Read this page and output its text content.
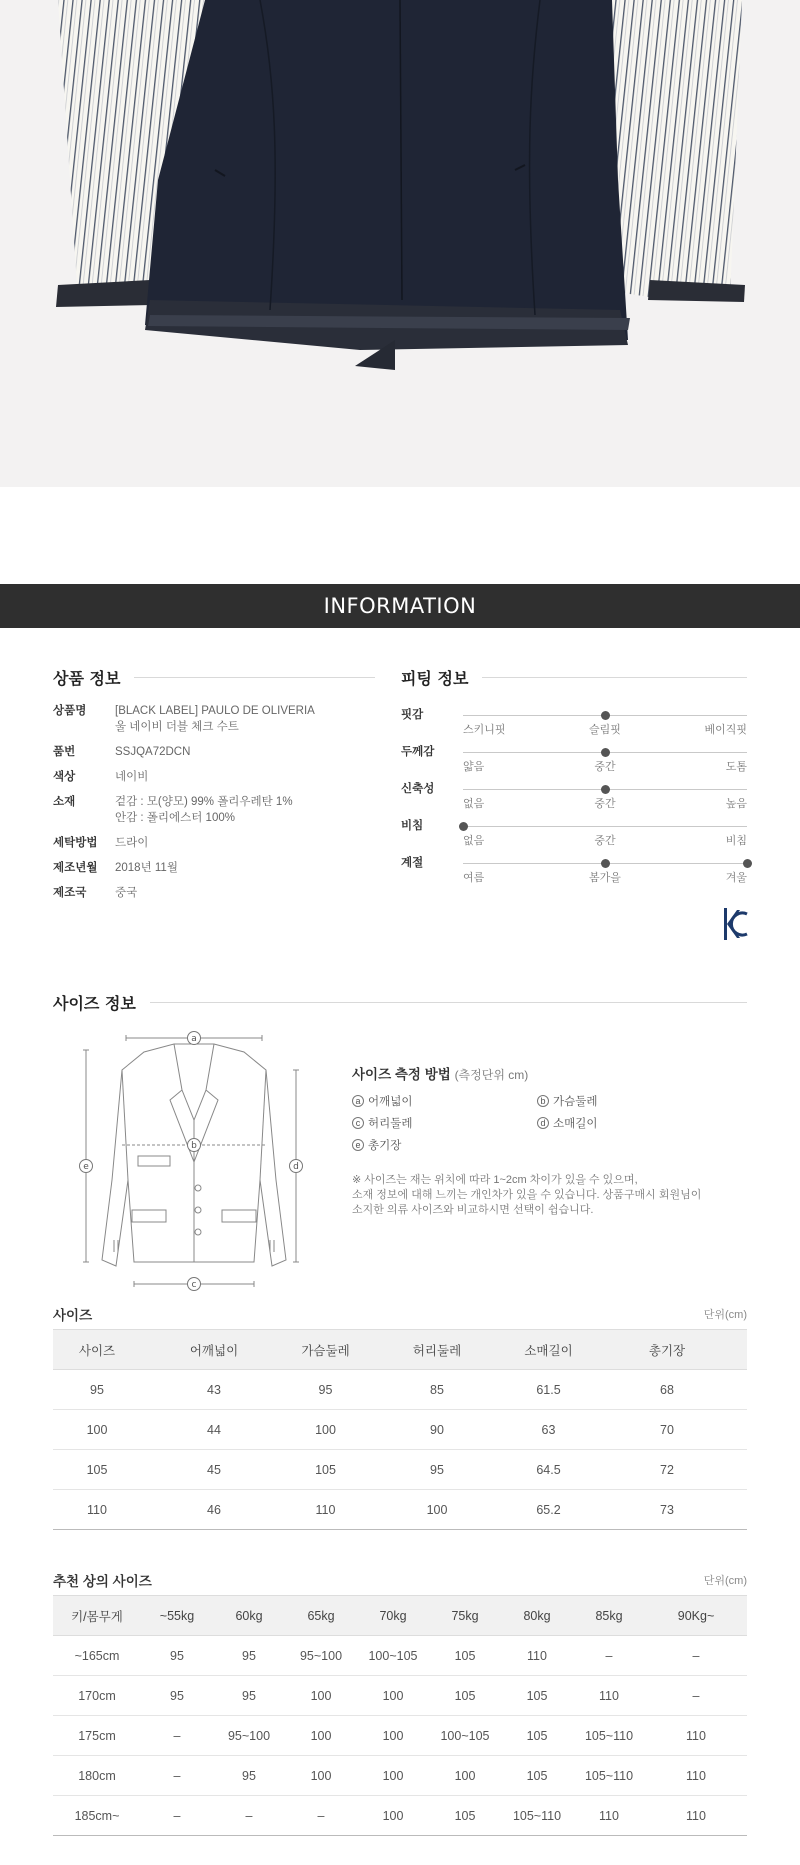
INFORMATION
상품 정보
상품명	[BLACK LABEL] PAULO DE OLIVERIA
울 네이비 더블 체크 수트
품번	SSJQA72DCN
색상	네이비
소재	겉감 : 모(양모) 99% 폴리우레탄 1%
안감 : 폴리에스터 100%
세탁방법	드라이
제조년월	2018년 11월
제조국	중국
피팅 정보
핏감
스키니핏	슬림핏	베이직핏
두께감
얇음	중간	도톰
신축성
없음	중간	높음
비침
없음	중간	비침
계절
여름	봄가을	겨울
사이즈 정보
a
b
c
d
e
사이즈 측정 방법 (측정단위 cm)
a 어깨넓이	b 가슴둘레
c 허리둘레	d 소매길이
e 총기장
※ 사이즈는 재는 위치에 따라 1~2cm 차이가 있을 수 있으며,
소재 정보에 대해 느끼는 개인차가 있을 수 있습니다. 상품구매시 회원님이
소지한 의류 사이즈와 비교하시면 선택이 쉽습니다.
사이즈	단위(cm)
사이즈	어깨넓이	가슴둘레	허리둘레	소매길이	총기장
95	43	95	85	61.5	68
100	44	100	90	63	70
105	45	105	95	64.5	72
110	46	110	100	65.2	73
추천 상의 사이즈	단위(cm)
키/몸무게	~55kg	60kg	65kg	70kg	75kg	80kg	85kg	90Kg~
~165cm	95	95	95~100	100~105	105	110	–	–
170cm	95	95	100	100	105	105	110	–
175cm	–	95~100	100	100	100~105	105	105~110	110
180cm	–	95	100	100	100	105	105~110	110
185cm~	–	–	–	100	105	105~110	110	110
